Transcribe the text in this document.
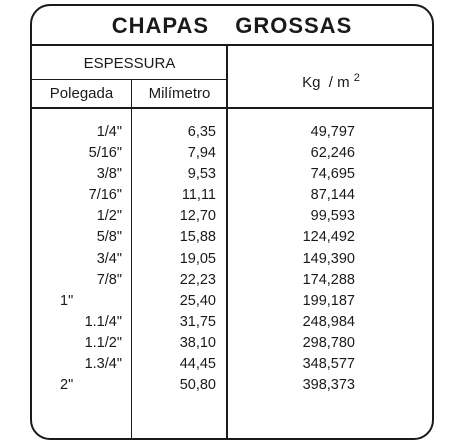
CHAPAS  GROSSAS
ESPESSURA
Polegada	Milímetro
Kg  / m $^2$
1/4"	6,35	49,797
5/16"	7,94	62,246
3/8"	9,53	74,695
7/16"	11,11	87,144
1/2"	12,70	99,593
5/8"	15,88	124,492
3/4"	19,05	149,390
7/8"	22,23	174,288
1"	25,40	199,187
1.1/4"	31,75	248,984
1.1/2"	38,10	298,780
1.3/4"	44,45	348,577
2"	50,80	398,373
